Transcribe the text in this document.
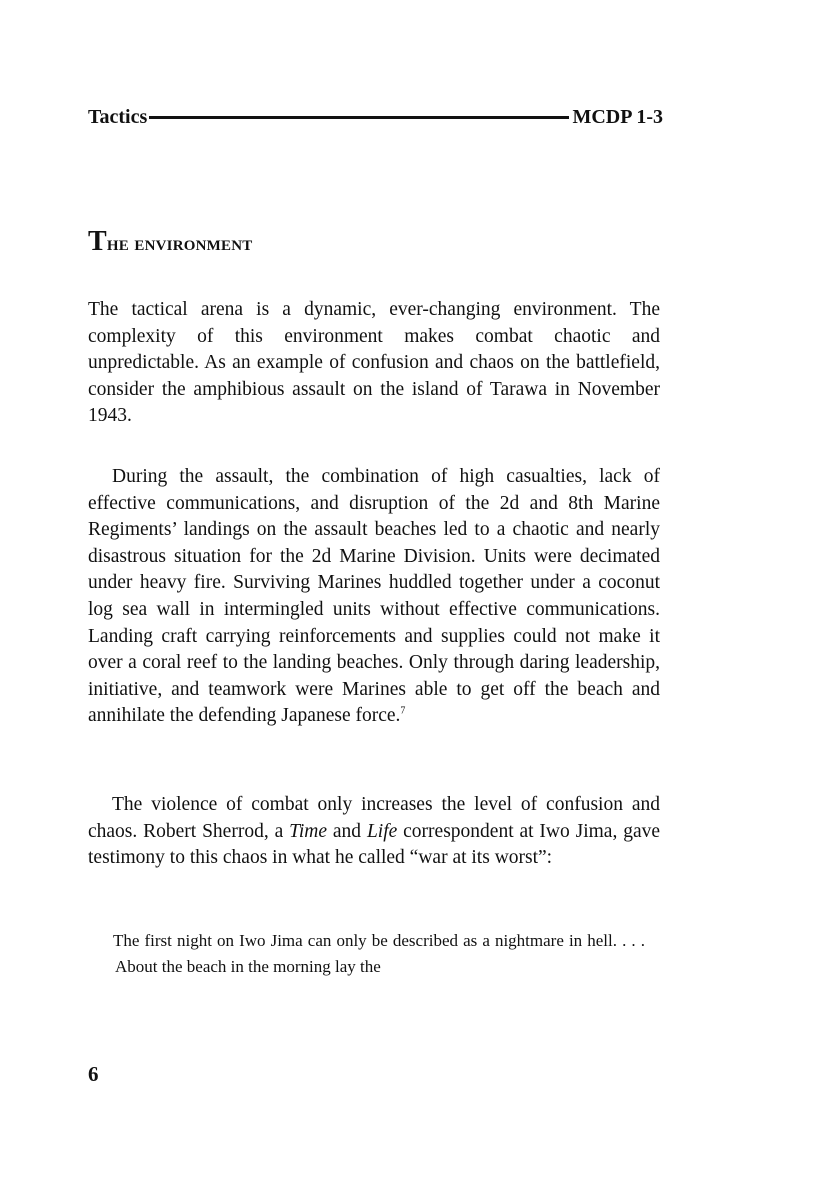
Tactics	MCDP 1-3
The environment

The tactical arena is a dynamic, ever-changing environment. The complexity of this environment makes combat chaotic and unpredictable. As an example of confusion and chaos on the battlefield, consider the amphibious assault on the island of Tarawa in November 1943.

During the assault, the combination of high casualties, lack of effective communications, and disruption of the 2d and 8th Marine Regiments’ landings on the assault beaches led to a chaotic and nearly disastrous situation for the 2d Marine Division. Units were decimated under heavy fire. Surviving Marines huddled together under a coconut log sea wall in intermingled units without effective communications. Landing craft carrying reinforcements and supplies could not make it over a coral reef to the landing beaches. Only through daring leadership, initiative, and teamwork were Marines able to get off the beach and annihilate the defending Japanese force.$^7$

The violence of combat only increases the level of confusion and chaos. Robert Sherrod, a Time and Life correspondent at Iwo Jima, gave testimony to this chaos in what he called “war at its worst”:

The first night on Iwo Jima can only be described as a nightmare in hell. . . . About the beach in the morning lay the

6
